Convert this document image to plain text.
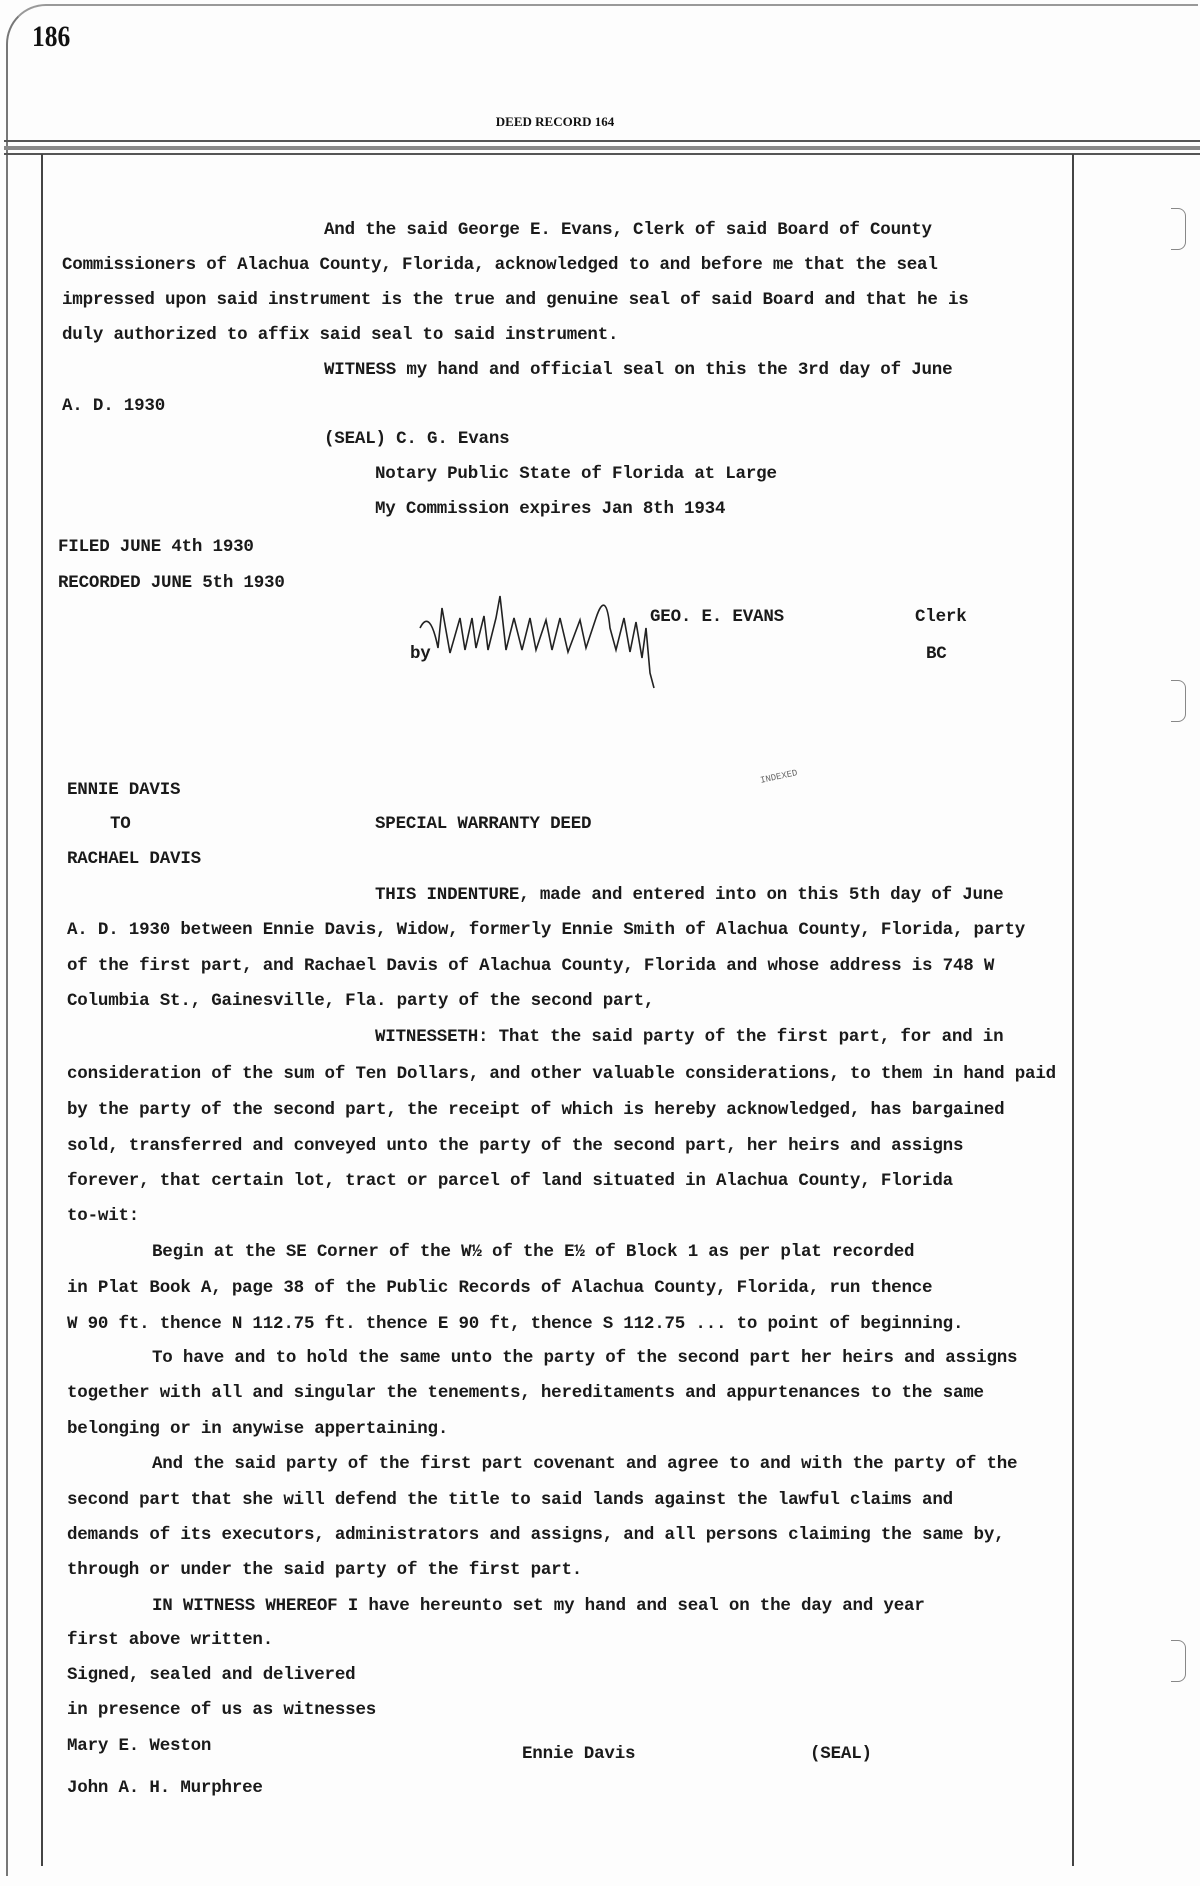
186
DEED RECORD 164
And the said George E. Evans, Clerk of said Board of County
Commissioners of Alachua County, Florida, acknowledged to and before me that the seal
impressed upon said instrument is the true and genuine seal of said Board and that he is
duly authorized to affix said seal to said instrument.
WITNESS my hand and official seal on this the 3rd day of June
A. D. 1930
(SEAL) C. G. Evans
Notary Public State of Florida at Large
My Commission expires Jan 8th 1934
FILED JUNE 4th 1930
RECORDED JUNE 5th 1930
GEO. E. EVANS	Clerk
by	BC
INDEXED
ENNIE DAVIS
TO	SPECIAL WARRANTY DEED
RACHAEL DAVIS
THIS INDENTURE, made and entered into on this 5th day of June
A. D. 1930 between Ennie Davis, Widow, formerly Ennie Smith of Alachua County, Florida, party
of the first part, and Rachael Davis of Alachua County, Florida and whose address is 748 W
Columbia St., Gainesville, Fla. party of the second part,
WITNESSETH: That the said party of the first part, for and in
consideration of the sum of Ten Dollars, and other valuable considerations, to them in hand paid
by the party of the second part, the receipt of which is hereby acknowledged, has bargained
sold, transferred and conveyed unto the party of the second part, her heirs and assigns
forever, that certain lot, tract or parcel of land situated in Alachua County, Florida
to-wit:
Begin at the SE Corner of the W½ of the E½ of Block 1 as per plat recorded
in Plat Book A, page 38 of the Public Records of Alachua County, Florida, run thence
W 90 ft. thence N 112.75 ft. thence E 90 ft, thence S 112.75 ... to point of beginning.
To have and to hold the same unto the party of the second part her heirs and assigns
together with all and singular the tenements, hereditaments and appurtenances to the same
belonging or in anywise appertaining.
And the said party of the first part covenant and agree to and with the party of the
second part that she will defend the title to said lands against the lawful claims and
demands of its executors, administrators and assigns, and all persons claiming the same by,
through or under the said party of the first part.
IN WITNESS WHEREOF I have hereunto set my hand and seal on the day and year
first above written.
Signed, sealed and delivered
in presence of us as witnesses
Mary E. Weston	Ennie Davis	(SEAL)
John A. H. Murphree
